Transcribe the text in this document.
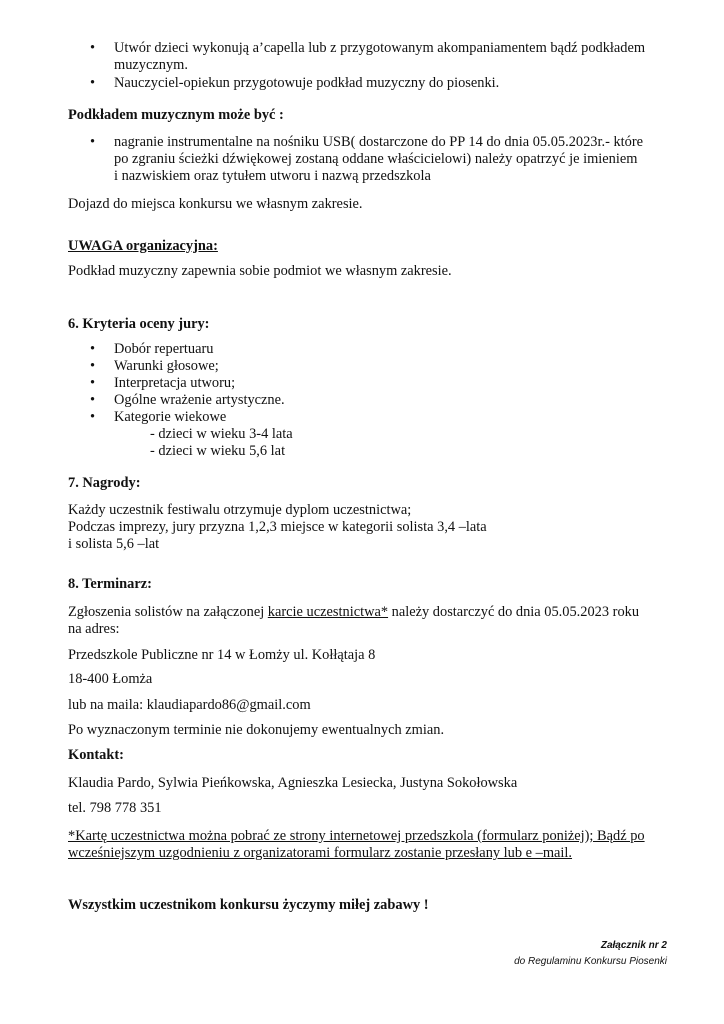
• Utwór dzieci wykonują a’capella lub z przygotowanym akompaniamentem bądź podkładem
muzycznym.
• Nauczyciel-opiekun przygotowuje podkład muzyczny do piosenki.
Podkładem muzycznym może być :
• nagranie instrumentalne na nośniku USB( dostarczone do PP 14 do dnia 05.05.2023r.- które
po zgraniu ścieżki dźwiękowej zostaną oddane właścicielowi) należy opatrzyć je imieniem
i nazwiskiem oraz tytułem utworu i nazwą przedszkola
Dojazd do miejsca konkursu we własnym zakresie.
UWAGA organizacyjna:
Podkład muzyczny zapewnia sobie podmiot we własnym zakresie.
6. Kryteria oceny jury:
• Dobór repertuaru
• Warunki głosowe;
• Interpretacja utworu;
• Ogólne wrażenie artystyczne.
• Kategorie wiekowe
- dzieci w wieku 3-4 lata
- dzieci w wieku 5,6 lat
7. Nagrody:
Każdy uczestnik festiwalu otrzymuje dyplom uczestnictwa;
Podczas imprezy, jury przyzna 1,2,3 miejsce w kategorii solista 3,4 –lata
i solista 5,6 –lat
8. Terminarz:
Zgłoszenia solistów na załączonej karcie uczestnictwa* należy dostarczyć do dnia 05.05.2023 roku
na adres:
Przedszkole Publiczne nr 14 w Łomży ul. Kołłątaja 8
18-400 Łomża
lub na maila: klaudiapardo86@gmail.com
Po wyznaczonym terminie nie dokonujemy ewentualnych zmian.
Kontakt:
Klaudia Pardo, Sylwia Pieńkowska, Agnieszka Lesiecka, Justyna Sokołowska
tel. 798 778 351
*Kartę uczestnictwa można pobrać ze strony internetowej przedszkola (formularz poniżej); Bądź po
wcześniejszym uzgodnieniu z organizatorami formularz zostanie przesłany lub e –mail.
Wszystkim uczestnikom konkursu życzymy miłej zabawy !
Załącznik nr 2
do Regulaminu Konkursu Piosenki
